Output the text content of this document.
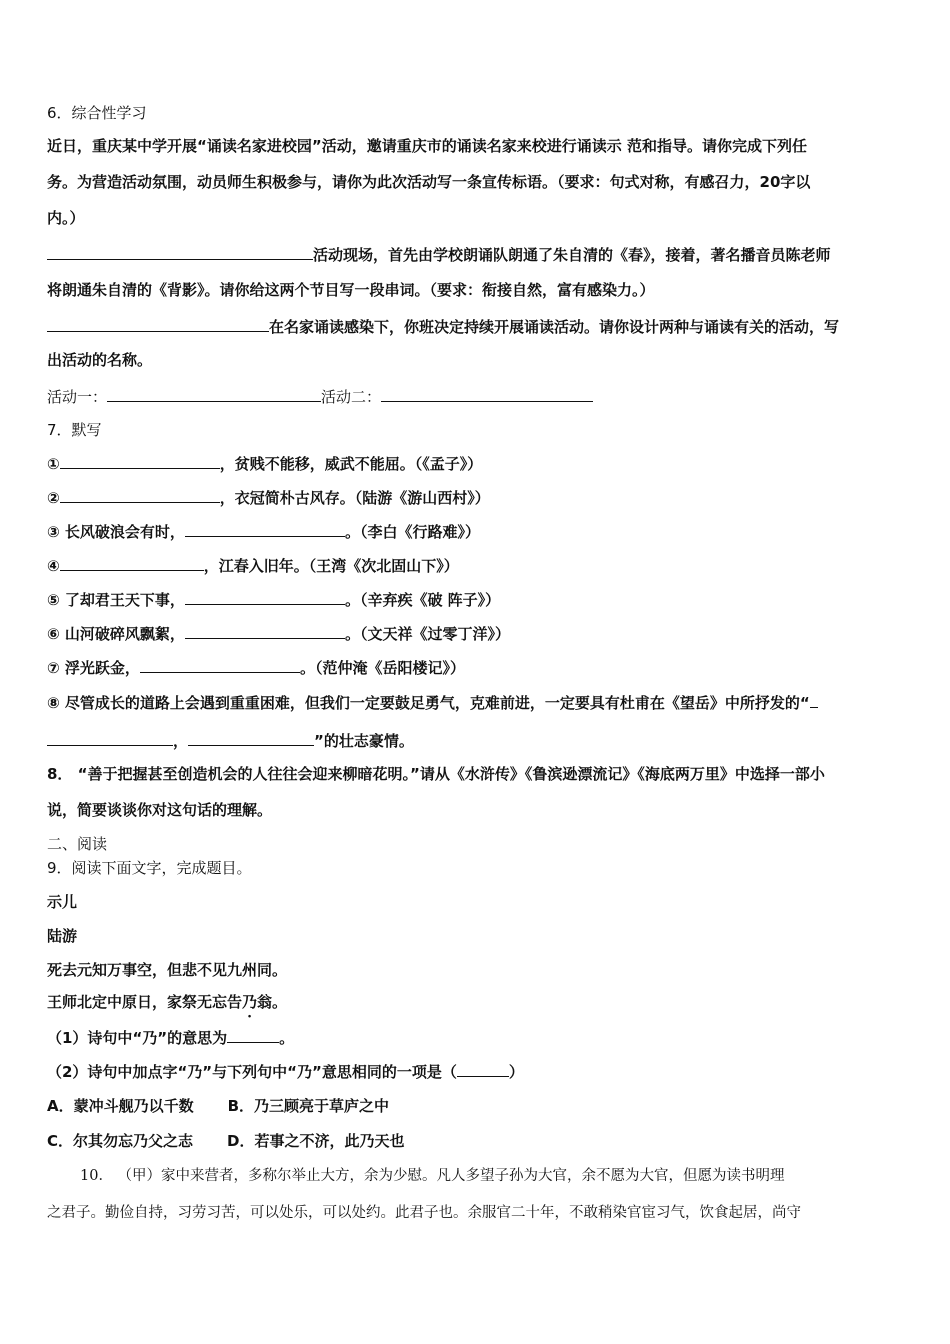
6．综合性学习
近日，重庆某中学开展“诵读名家进校园”活动，邀请重庆市的诵读名家来校进行诵读示 范和指导。请你完成下列任
务。为营造活动氛围，动员师生积极参与，请你为此次活动写一条宣传标语。（要求：句式对称，有感召力，20字以
内。）
活动现场，首先由学校朗诵队朗通了朱自清的《春》，接着，著名播音员陈老师
将朗通朱自清的《背影》。请你给这两个节目写一段串词。（要求：衔接自然，富有感染力。）
在名家诵读感染下，你班决定持续开展诵读活动。请你设计两种与诵读有关的活动，写
出活动的名称。
活动一：	活动二：
7．默写
①	，贫贱不能移，威武不能屈。（《孟子》）
②	，衣冠简朴古风存。（陆游《游山西村》）
③ 长风破浪会有时，	。（李白《行路难》）
④	，江春入旧年。（王湾《次北固山下》）
⑤ 了却君王天下事，	。（辛弃疾《破 阵子》）
⑥ 山河破碎风飘絮，	。（文天祥《过零丁洋》）
⑦ 浮光跃金，	。（范仲淹《岳阳楼记》）
⑧ 尽管成长的道路上会遇到重重困难，但我们一定要鼓足勇气，克难前进，一定要具有杜甫在《望岳》中所抒发的“
，	”的壮志豪情。
8． “善于把握甚至创造机会的人往往会迎来柳暗花明。”请从《水浒传》《鲁滨逊漂流记》《海底两万里》中选择一部小
说，简要谈谈你对这句话的理解。
二、阅读
9．阅读下面文字，完成题目。
示儿
陆游
死去元知万事空，但悲不见九州同。
王师北定中原日，家祭无忘告乃翁。
（1）诗句中“乃”的意思为	。
（2）诗句中加点字“乃”与下列句中“乃”意思相同的一项是（	）
A．蒙冲斗舰乃以千数 B．乃三顾亮于草庐之中
C．尔其勿忘乃父之志 D．若事之不济，此乃天也
10． （甲）家中来营者，多称尔举止大方，余为少慰。凡人多望子孙为大官，余不愿为大官，但愿为读书明理
之君子。勤俭自持，习劳习苦，可以处乐，可以处约。此君子也。余服官二十年，不敢稍染官宦习气，饮食起居，尚守
